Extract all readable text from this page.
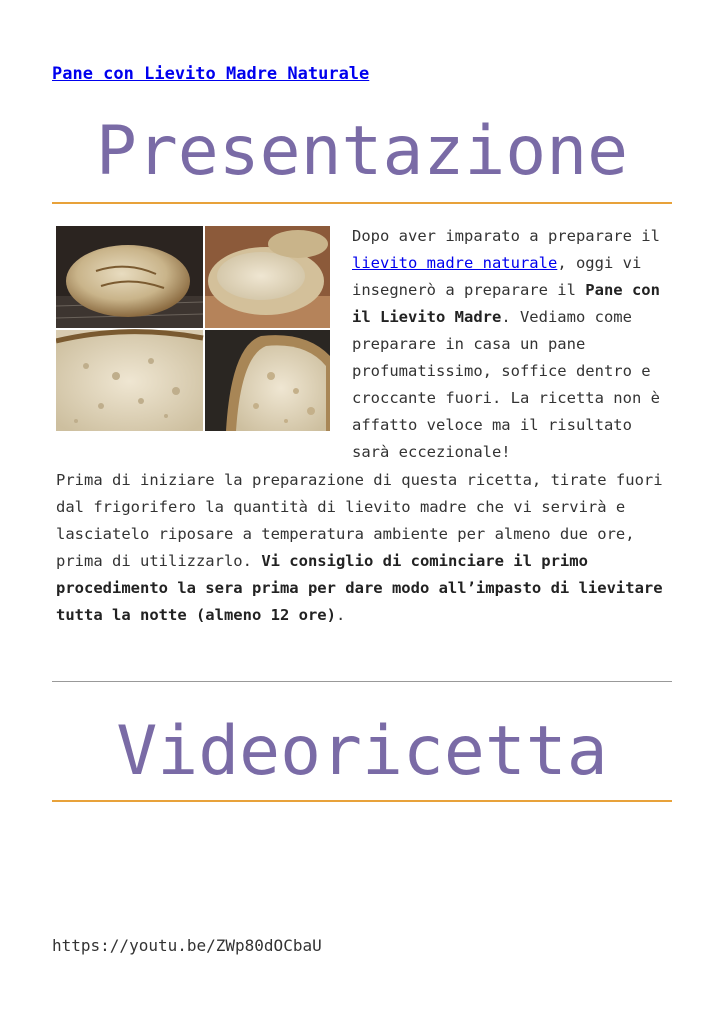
Pane con Lievito Madre Naturale
Presentazione
Dopo aver imparato a preparare il lievito madre naturale, oggi vi insegnerò a preparare il Pane con il Lievito Madre. Vediamo come preparare in casa un pane profumatissimo, soffice dentro e croccante fuori. La ricetta non è affatto veloce ma il risultato sarà eccezionale!
Prima di iniziare la preparazione di questa ricetta, tirate fuori dal frigorifero la quantità di lievito madre che vi servirà e lasciatelo riposare a temperatura ambiente per almeno due ore, prima di utilizzarlo. Vi consiglio di cominciare il primo procedimento la sera prima per dare modo all’impasto di lievitare tutta la notte (almeno 12 ore).
Videoricetta
https://youtu.be/ZWp80dOCbaU
